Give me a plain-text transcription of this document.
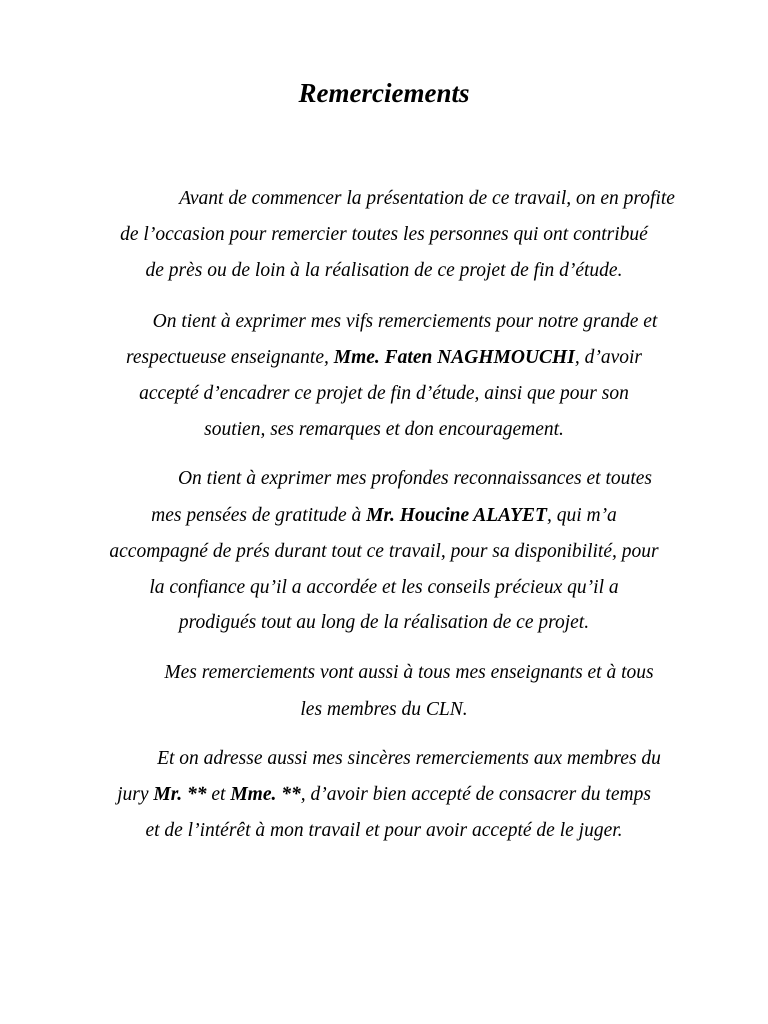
Remerciements
Avant de commencer la présentation de ce travail, on en profite
de l’occasion pour remercier toutes les personnes qui ont contribué
de près ou de loin à la réalisation de ce projet de fin d’étude.
On tient à exprimer mes vifs remerciements pour notre grande et
respectueuse enseignante, Mme. Faten NAGHMOUCHI, d’avoir
accepté d’encadrer ce projet de fin d’étude, ainsi que pour son
soutien, ses remarques et don encouragement.
On tient à exprimer mes profondes reconnaissances et toutes
mes pensées de gratitude à Mr. Houcine ALAYET, qui m’a
accompagné de prés durant tout ce travail, pour sa disponibilité, pour
la confiance qu’il a accordée et les conseils précieux qu’il a
prodigués tout au long de la réalisation de ce projet.
Mes remerciements vont aussi à tous mes enseignants et à tous
les membres du CLN.
Et on adresse aussi mes sincères remerciements aux membres du
jury Mr. ** et Mme. **, d’avoir bien accepté de consacrer du temps
et de l’intérêt à mon travail et pour avoir accepté de le juger.
